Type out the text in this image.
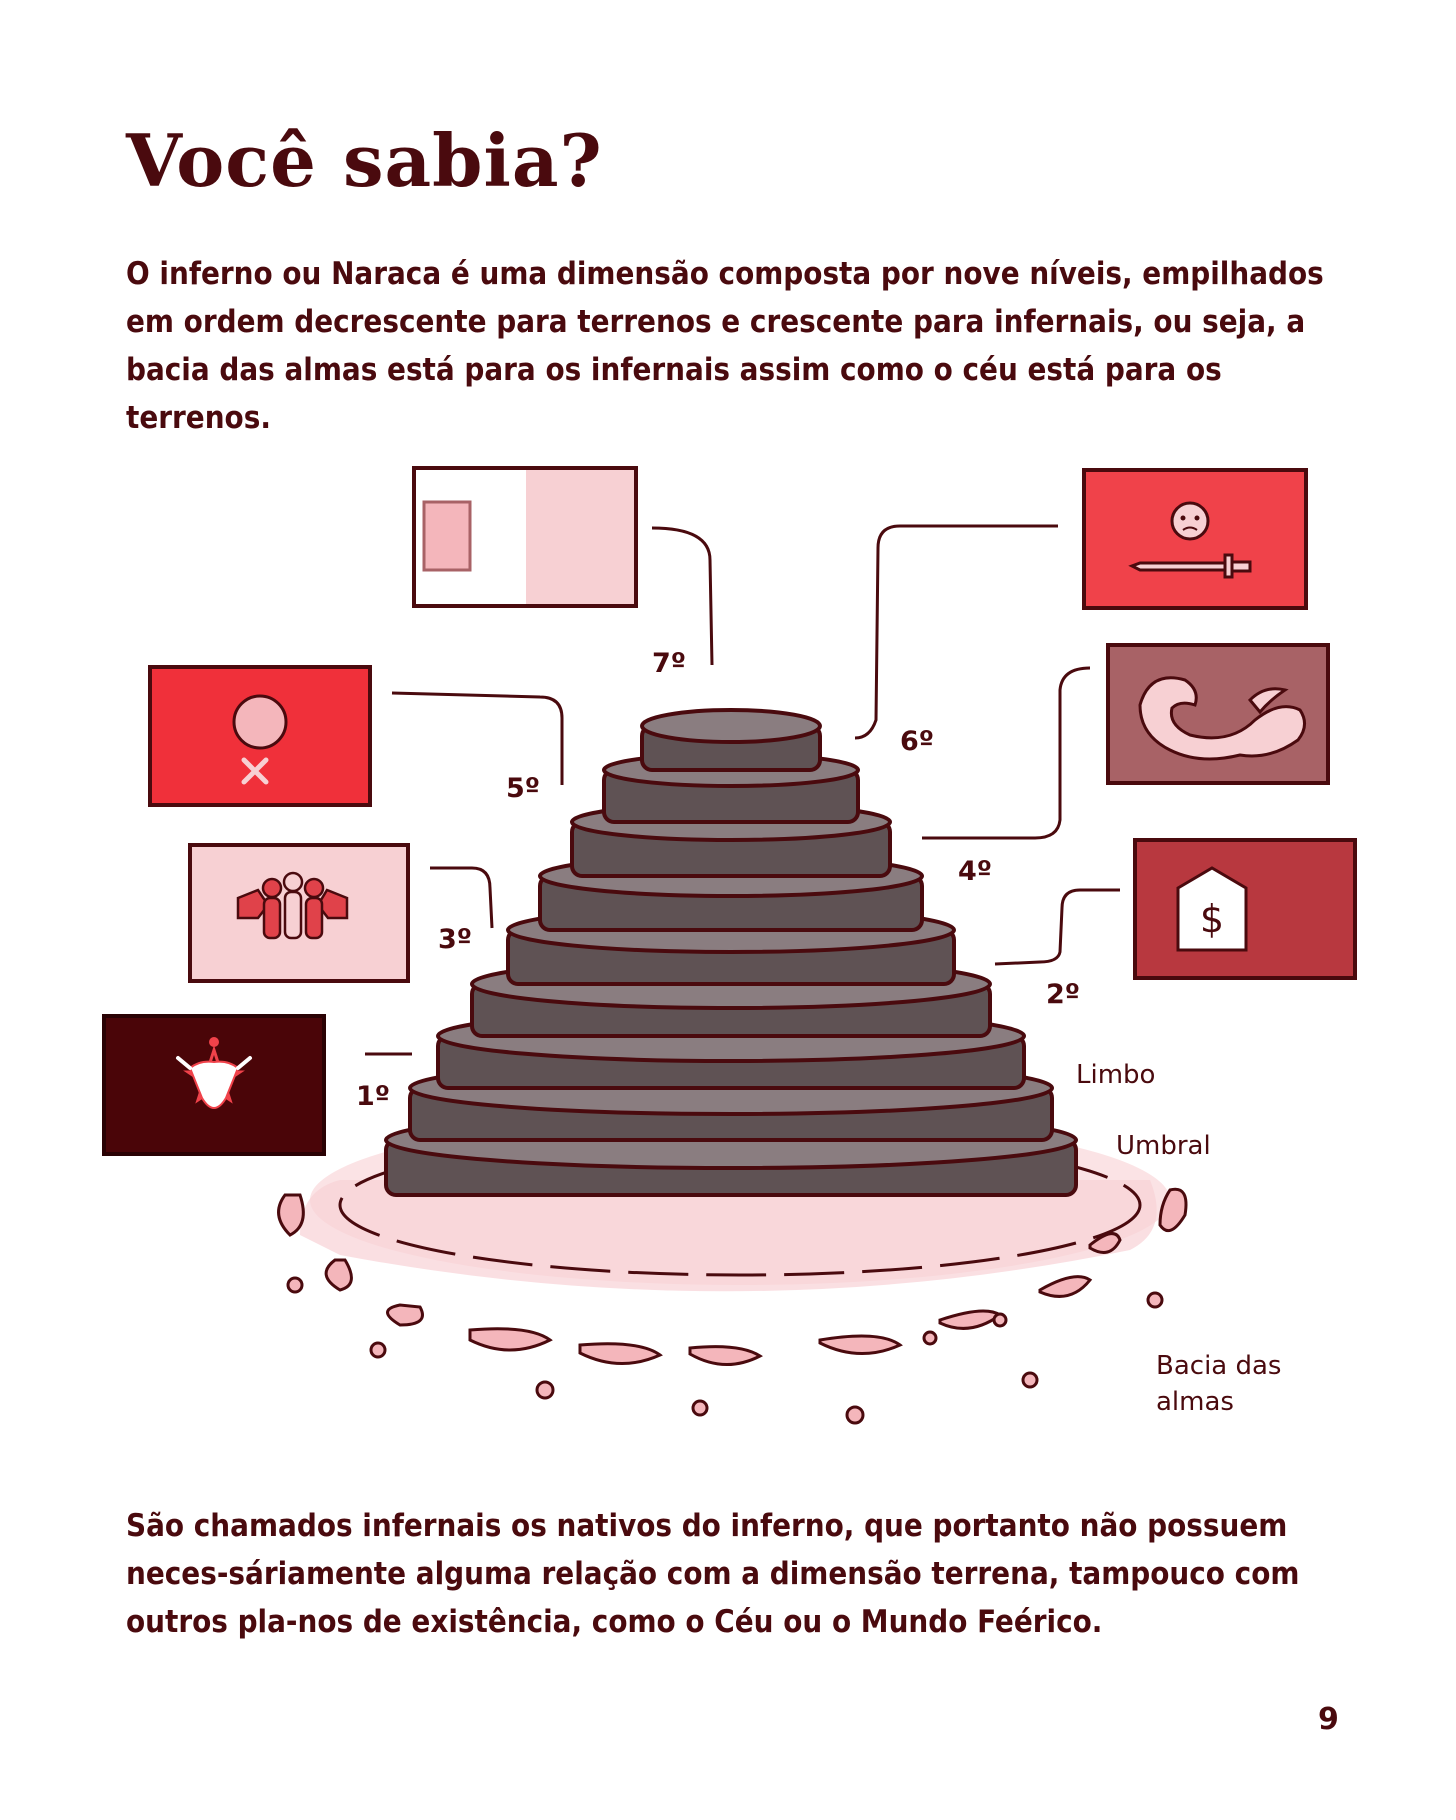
Você sabia?

O inferno ou Naraca é uma dimensão composta por nove níveis, empilhados em ordem decrescente para terrenos e crescente para infernais, ou seja, a bacia das almas está para os infernais assim como o céu está para os terrenos.

7º
6º
5º
4º
3º
2º
1º
Limbo
Umbral
Bacia das
almas
$

São chamados infernais os nativos do inferno, que portanto não possuem neces-sáriamente alguma relação com a dimensão terrena, tampouco com outros pla-nos de existência, como o Céu ou o Mundo Feérico.

9
